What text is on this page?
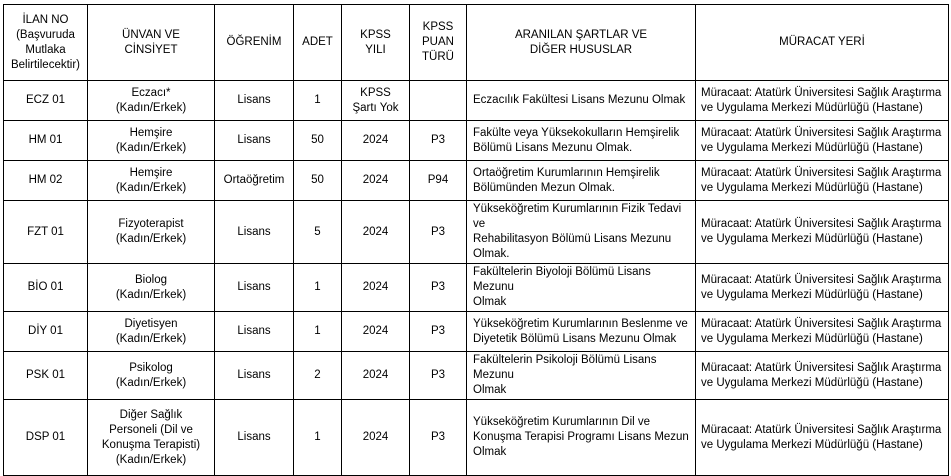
İLAN NO
(Başvuruda
Mutlaka
Belirtilecektir)	ÜNVAN VE
CİNSİYET	ÖĞRENİM	ADET	KPSS
YILI	KPSS
PUAN
TÜRÜ	ARANILAN ŞARTLAR VE
DİĞER HUSUSLAR	MÜRACAT YERİ
ECZ 01	Eczacı*
(Kadın/Erkek)	Lisans	1	KPSS
Şartı Yok		Eczacılık Fakültesi Lisans Mezunu Olmak	Müracaat: Atatürk Üniversitesi Sağlık Araştırma
ve Uygulama Merkezi Müdürlüğü (Hastane)

HM 01	Hemşire
(Kadın/Erkek)	Lisans	50	2024	P3	Fakülte veya Yüksekokulların Hemşirelik
Bölümü Lisans Mezunu Olmak.	Müracaat: Atatürk Üniversitesi Sağlık Araştırma
ve Uygulama Merkezi Müdürlüğü (Hastane)

HM 02	Hemşire
(Kadın/Erkek)	Ortaöğretim	50	2024	P94	Ortaöğretim Kurumlarının Hemşirelik
Bölümünden Mezun Olmak.	Müracaat: Atatürk Üniversitesi Sağlık Araştırma
ve Uygulama Merkezi Müdürlüğü (Hastane)

FZT 01	Fizyoterapist
(Kadın/Erkek)	Lisans	5	2024	P3	Yükseköğretim Kurumlarının Fizik Tedavi ve
Rehabilitasyon Bölümü Lisans Mezunu
Olmak.	Müracaat: Atatürk Üniversitesi Sağlık Araştırma
ve Uygulama Merkezi Müdürlüğü (Hastane)

BİO 01	Biolog
(Kadın/Erkek)	Lisans	1	2024	P3	Fakültelerin Biyoloji Bölümü Lisans Mezunu
Olmak	Müracaat: Atatürk Üniversitesi Sağlık Araştırma
ve Uygulama Merkezi Müdürlüğü (Hastane)

DİY 01	Diyetisyen
(Kadın/Erkek)	Lisans	1	2024	P3	Yükseköğretim Kurumlarının Beslenme ve
Diyetetik Bölümü Lisans Mezunu Olmak	Müracaat: Atatürk Üniversitesi Sağlık Araştırma
ve Uygulama Merkezi Müdürlüğü (Hastane)

PSK 01	Psikolog
(Kadın/Erkek)	Lisans	2	2024	P3	Fakültelerin Psikoloji Bölümü Lisans Mezunu
Olmak	Müracaat: Atatürk Üniversitesi Sağlık Araştırma
ve Uygulama Merkezi Müdürlüğü (Hastane)

DSP 01	Diğer Sağlık
Personeli (Dil ve
Konuşma Terapisti)
(Kadın/Erkek)	Lisans	1	2024	P3	Yükseköğretim Kurumlarının Dil ve
Konuşma Terapisi Programı Lisans Mezun
Olmak	Müracaat: Atatürk Üniversitesi Sağlık Araştırma
ve Uygulama Merkezi Müdürlüğü (Hastane)
